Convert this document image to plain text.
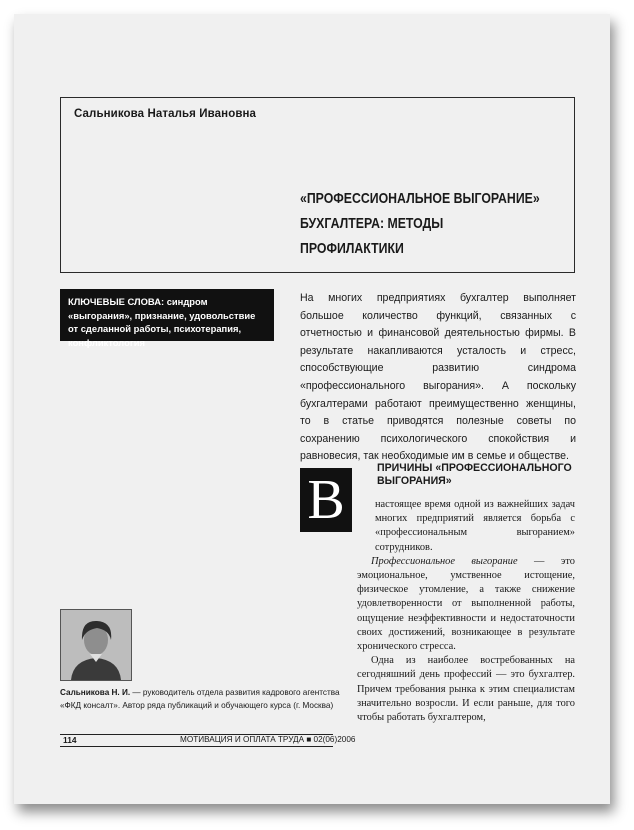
Сальникова Наталья Ивановна
«ПРОФЕССИОНАЛЬНОЕ ВЫГОРАНИЕ»
БУХГАЛТЕРА: МЕТОДЫ
ПРОФИЛАКТИКИ
КЛЮЧЕВЫЕ СЛОВА: синдром «выгорания», признание, удовольствие от сделанной работы, психотерапия, конфликтология

На многих предприятиях бухгалтер выполняет большое количество функций, связанных с отчетностью и финансовой деятельностью фирмы. В результате накапливаются усталость и стресс, способствующие развитию синдрома «профессионального выгорания». А поскольку бухгалтерами работают преимущественно женщины, то в статье приводятся полезные советы по сохранению психологического спокойствия и равновесия, так необходимые им в семье и обществе.

В
ПРИЧИНЫ «ПРОФЕССИОНАЛЬНОГО
ВЫГОРАНИЯ»

настоящее время одной из важнейших задач многих предприятий является борьба с «профессиональным выгоранием» сотрудников.

Профессиональное выгорание — это эмоциональное, умственное истощение, физическое утомление, а также снижение удовлетворенности от выполненной работы, ощущение неэффективности и недостаточности своих достижений, возникающее в результате хронического стресса.

Одна из наиболее востребованных на сегодняшний день профессий — это бухгалтер. Причем требования рынка к этим специалистам значительно возросли. И если раньше, для того чтобы работать бухгалтером,

Сальникова Н. И. — руководитель отдела развития кадрового агентства «ФКД консалт». Автор ряда публикаций и обучающего курса (г. Москва)
114	МОТИВАЦИЯ И ОПЛАТА ТРУДА ■ 02(06)2006
